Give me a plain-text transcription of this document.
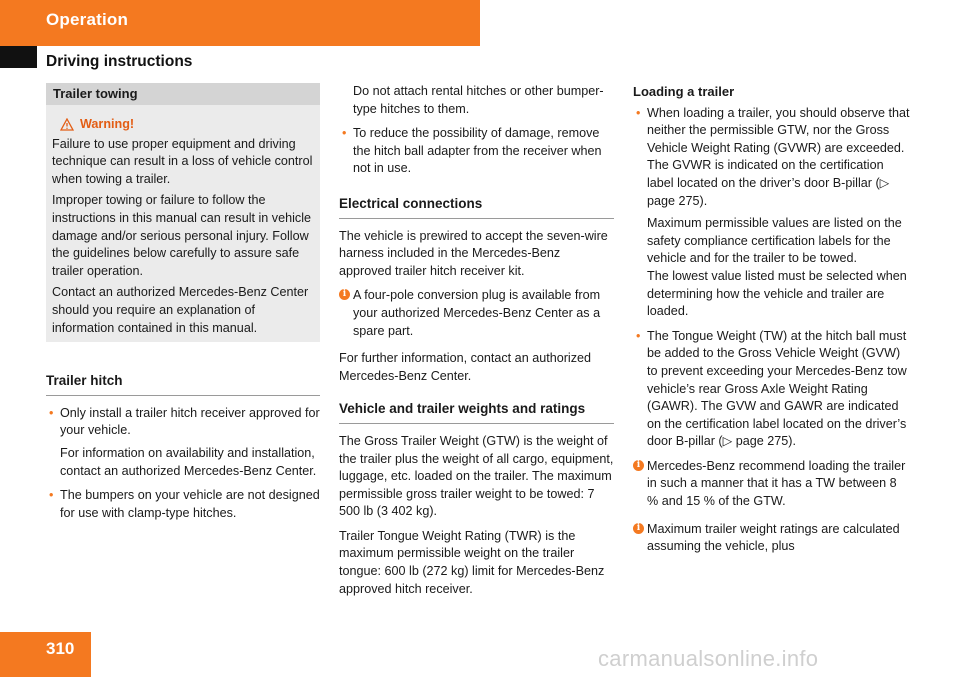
Operation
Driving instructions
Trailer towing
Warning!

Failure to use proper equipment and driving technique can result in a loss of vehicle control when towing a trailer.

Improper towing or failure to follow the instructions in this manual can result in vehicle damage and/or serious personal injury. Follow the guidelines below carefully to assure safe trailer operation.

Contact an authorized Mercedes-Benz Center should you require an explanation of information contained in this manual.

Trailer hitch
• Only install a trailer hitch receiver approved for your vehicle.
For information on availability and installation, contact an authorized Mercedes-Benz Center.
• The bumpers on your vehicle are not designed for use with clamp-type hitches.
Do not attach rental hitches or other bumper-type hitches to them.
• To reduce the possibility of damage, remove the hitch ball adapter from the receiver when not in use.
Electrical connections

The vehicle is prewired to accept the seven-wire harness included in the Mercedes-Benz approved trailer hitch receiver kit.

i A four-pole conversion plug is available from your authorized Mercedes-Benz Center as a spare part.

For further information, contact an authorized Mercedes-Benz Center.

Vehicle and trailer weights and ratings

The Gross Trailer Weight (GTW) is the weight of the trailer plus the weight of all cargo, equipment, luggage, etc. loaded on the trailer. The maximum permissible gross trailer weight to be towed: 7 500 lb (3 402 kg).

Trailer Tongue Weight Rating (TWR) is the maximum permissible weight on the trailer tongue: 600 lb (272 kg) limit for Mercedes-Benz approved hitch receiver.

Loading a trailer
• When loading a trailer, you should observe that neither the permissible GTW, nor the Gross Vehicle Weight Rating (GVWR) are exceeded. The GVWR is indicated on the certification label located on the driver’s door B-pillar (▷ page 275).
Maximum permissible values are listed on the safety compliance certification labels for the vehicle and for the trailer to be towed.
The lowest value listed must be selected when determining how the vehicle and trailer are loaded.
• The Tongue Weight (TW) at the hitch ball must be added to the Gross Vehicle Weight (GVW) to prevent exceeding your Mercedes-Benz tow vehicle’s rear Gross Axle Weight Rating (GAWR). The GVW and GAWR are indicated on the certification label located on the driver’s door B-pillar (▷ page 275).
i Mercedes-Benz recommend loading the trailer in such a manner that it has a TW between 8 % and 15 % of the GTW.
i Maximum trailer weight ratings are calculated assuming the vehicle, plus
310	carmanualsonline.info
